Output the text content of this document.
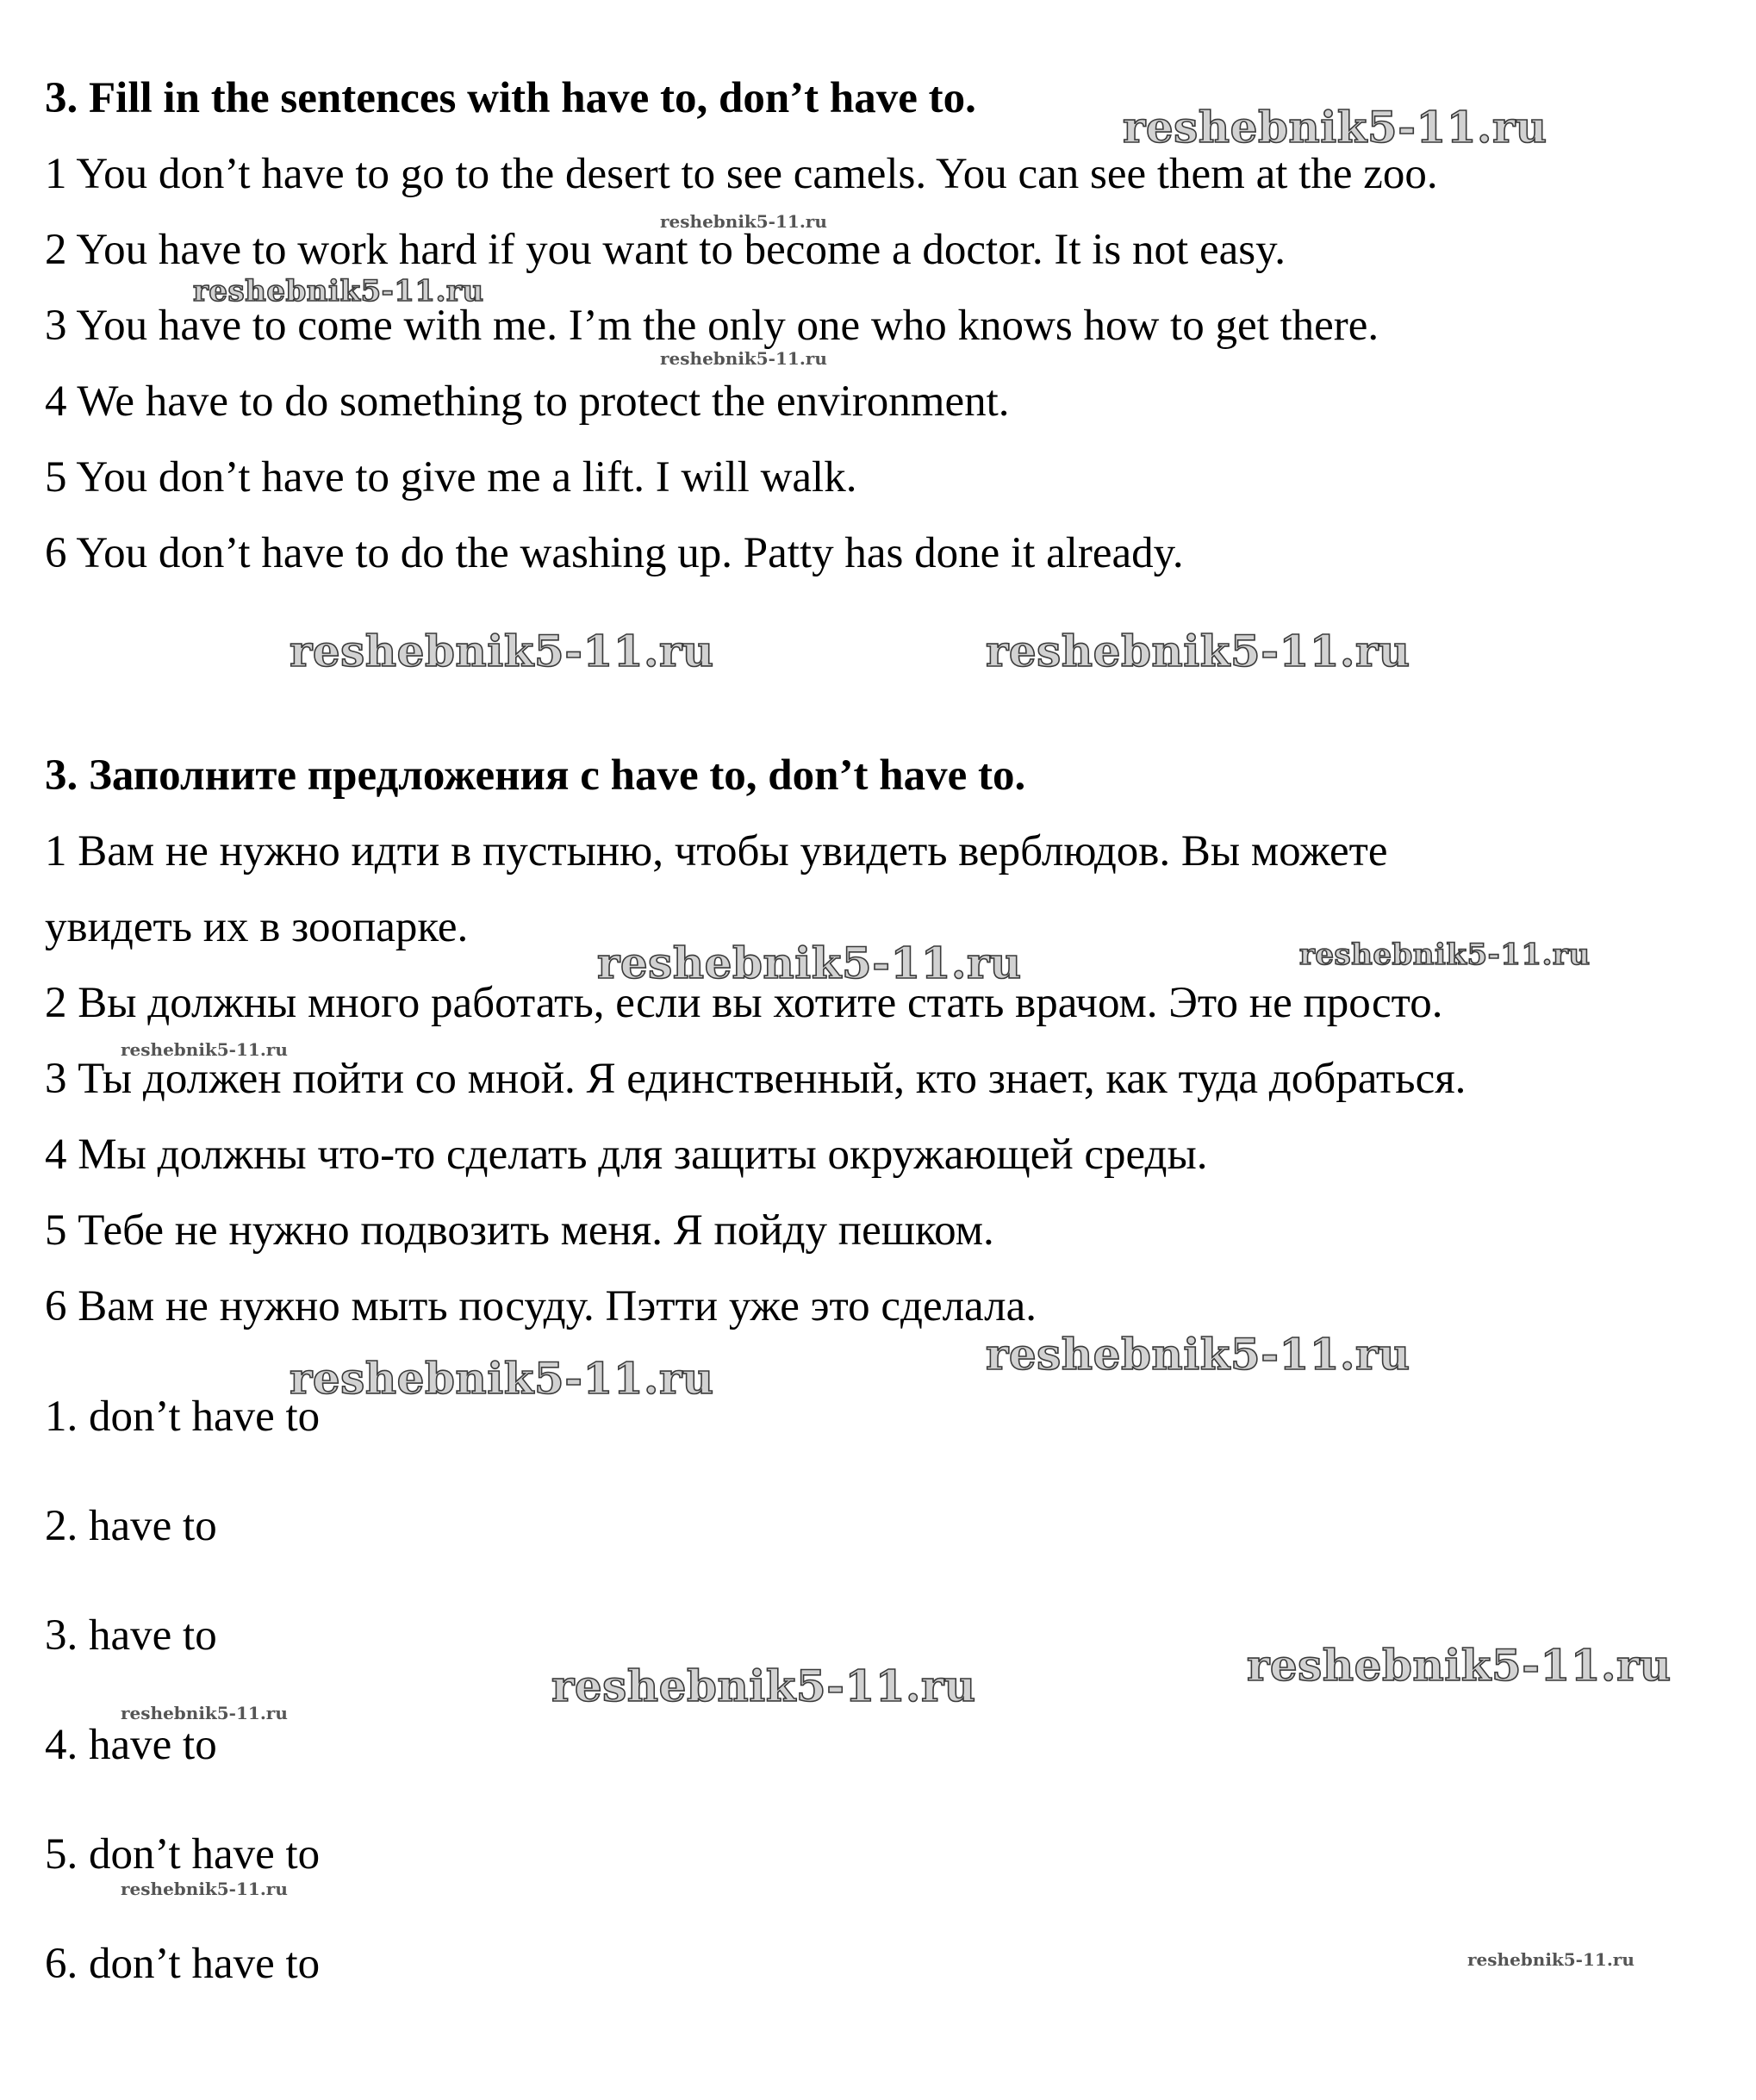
3. Fill in the sentences with have to, don’t have to.
1 You don’t have to go to the desert to see camels. You can see them at the zoo.
2 You have to work hard if you want to become a doctor. It is not easy.
3 You have to come with me. I’m the only one who knows how to get there.
4 We have to do something to protect the environment.
5 You don’t have to give me a lift. I will walk.
6 You don’t have to do the washing up. Patty has done it already.
3. Заполните предложения с have to, don’t have to.
1 Вам не нужно идти в пустыню, чтобы увидеть верблюдов. Вы можете
увидеть их в зоопарке.
2 Вы должны много работать, если вы хотите стать врачом. Это не просто.
3 Ты должен пойти со мной. Я единственный, кто знает, как туда добраться.
4 Мы должны что-то сделать для защиты окружающей среды.
5 Тебе не нужно подвозить меня. Я пойду пешком.
6 Вам не нужно мыть посуду. Пэтти уже это сделала.
1. don’t have to
2. have to
3. have to
4. have to
5. don’t have to
6. don’t have to
reshebnik5-11.ru
reshebnik5-11.ru
reshebnik5-11.ru
reshebnik5-11.ru
reshebnik5-11.ru	reshebnik5-11.ru
reshebnik5-11.ru	reshebnik5-11.ru
reshebnik5-11.ru
reshebnik5-11.ru
reshebnik5-11.ru
reshebnik5-11.ru
reshebnik5-11.ru
reshebnik5-11.ru
reshebnik5-11.ru
reshebnik5-11.ru
